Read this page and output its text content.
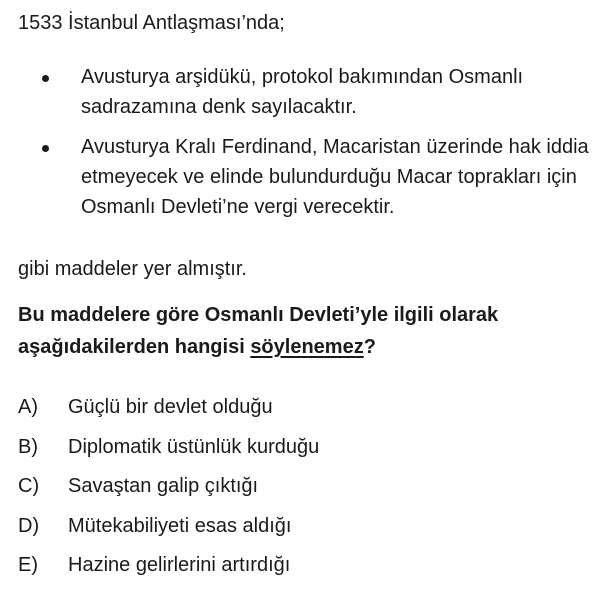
1533 İstanbul Antlaşması’nda;
Avusturya arşidükü, protokol bakımından Osmanlı sadrazamına denk sayılacaktır.
Avusturya Kralı Ferdinand, Macaristan üzerinde hak iddia etmeyecek ve elinde bulundurduğu Macar toprakları için Osmanlı Devleti’ne vergi verecektir.
gibi maddeler yer almıştır.
Bu maddelere göre Osmanlı Devleti’yle ilgili olarak aşağıdakilerden hangisi söylenemez?
A) Güçlü bir devlet olduğu
B) Diplomatik üstünlük kurduğu
C) Savaştan galip çıktığı
D) Mütekabiliyeti esas aldığı
E) Hazine gelirlerini artırdığı
